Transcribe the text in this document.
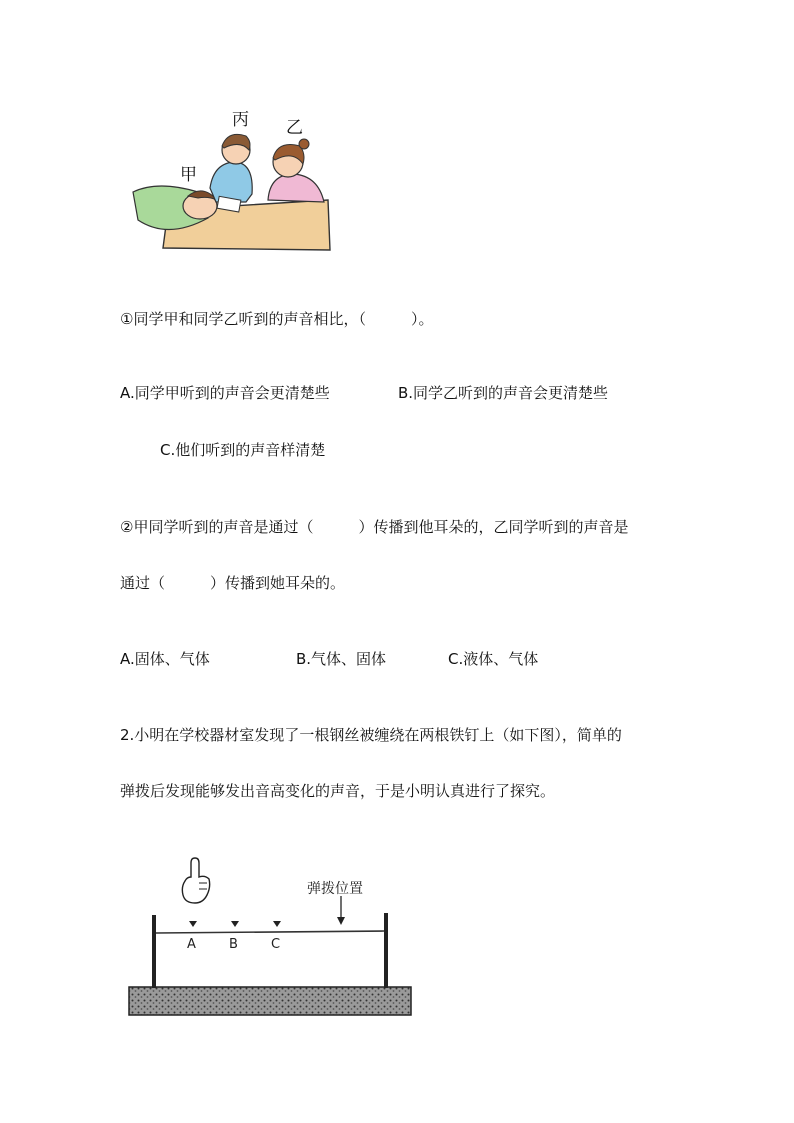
甲
丙 乙
①同学甲和同学乙听到的声音相比，（　　　）。
A.同学甲听到的声音会更清楚些	B.同学乙听到的声音会更清楚些
C.他们听到的声音样清楚
②甲同学听到的声音是通过（　　　）传播到他耳朵的，乙同学听到的声音是
通过（　　　）传播到她耳朵的。
A.固体、气体	B.气体、固体	C.液体、气体
2.小明在学校器材室发现了一根钢丝被缠绕在两根铁钉上（如下图），简单的
弹拨后发现能够发出音高变化的声音，于是小明认真进行了探究。
弹拨位置
A	B	C
